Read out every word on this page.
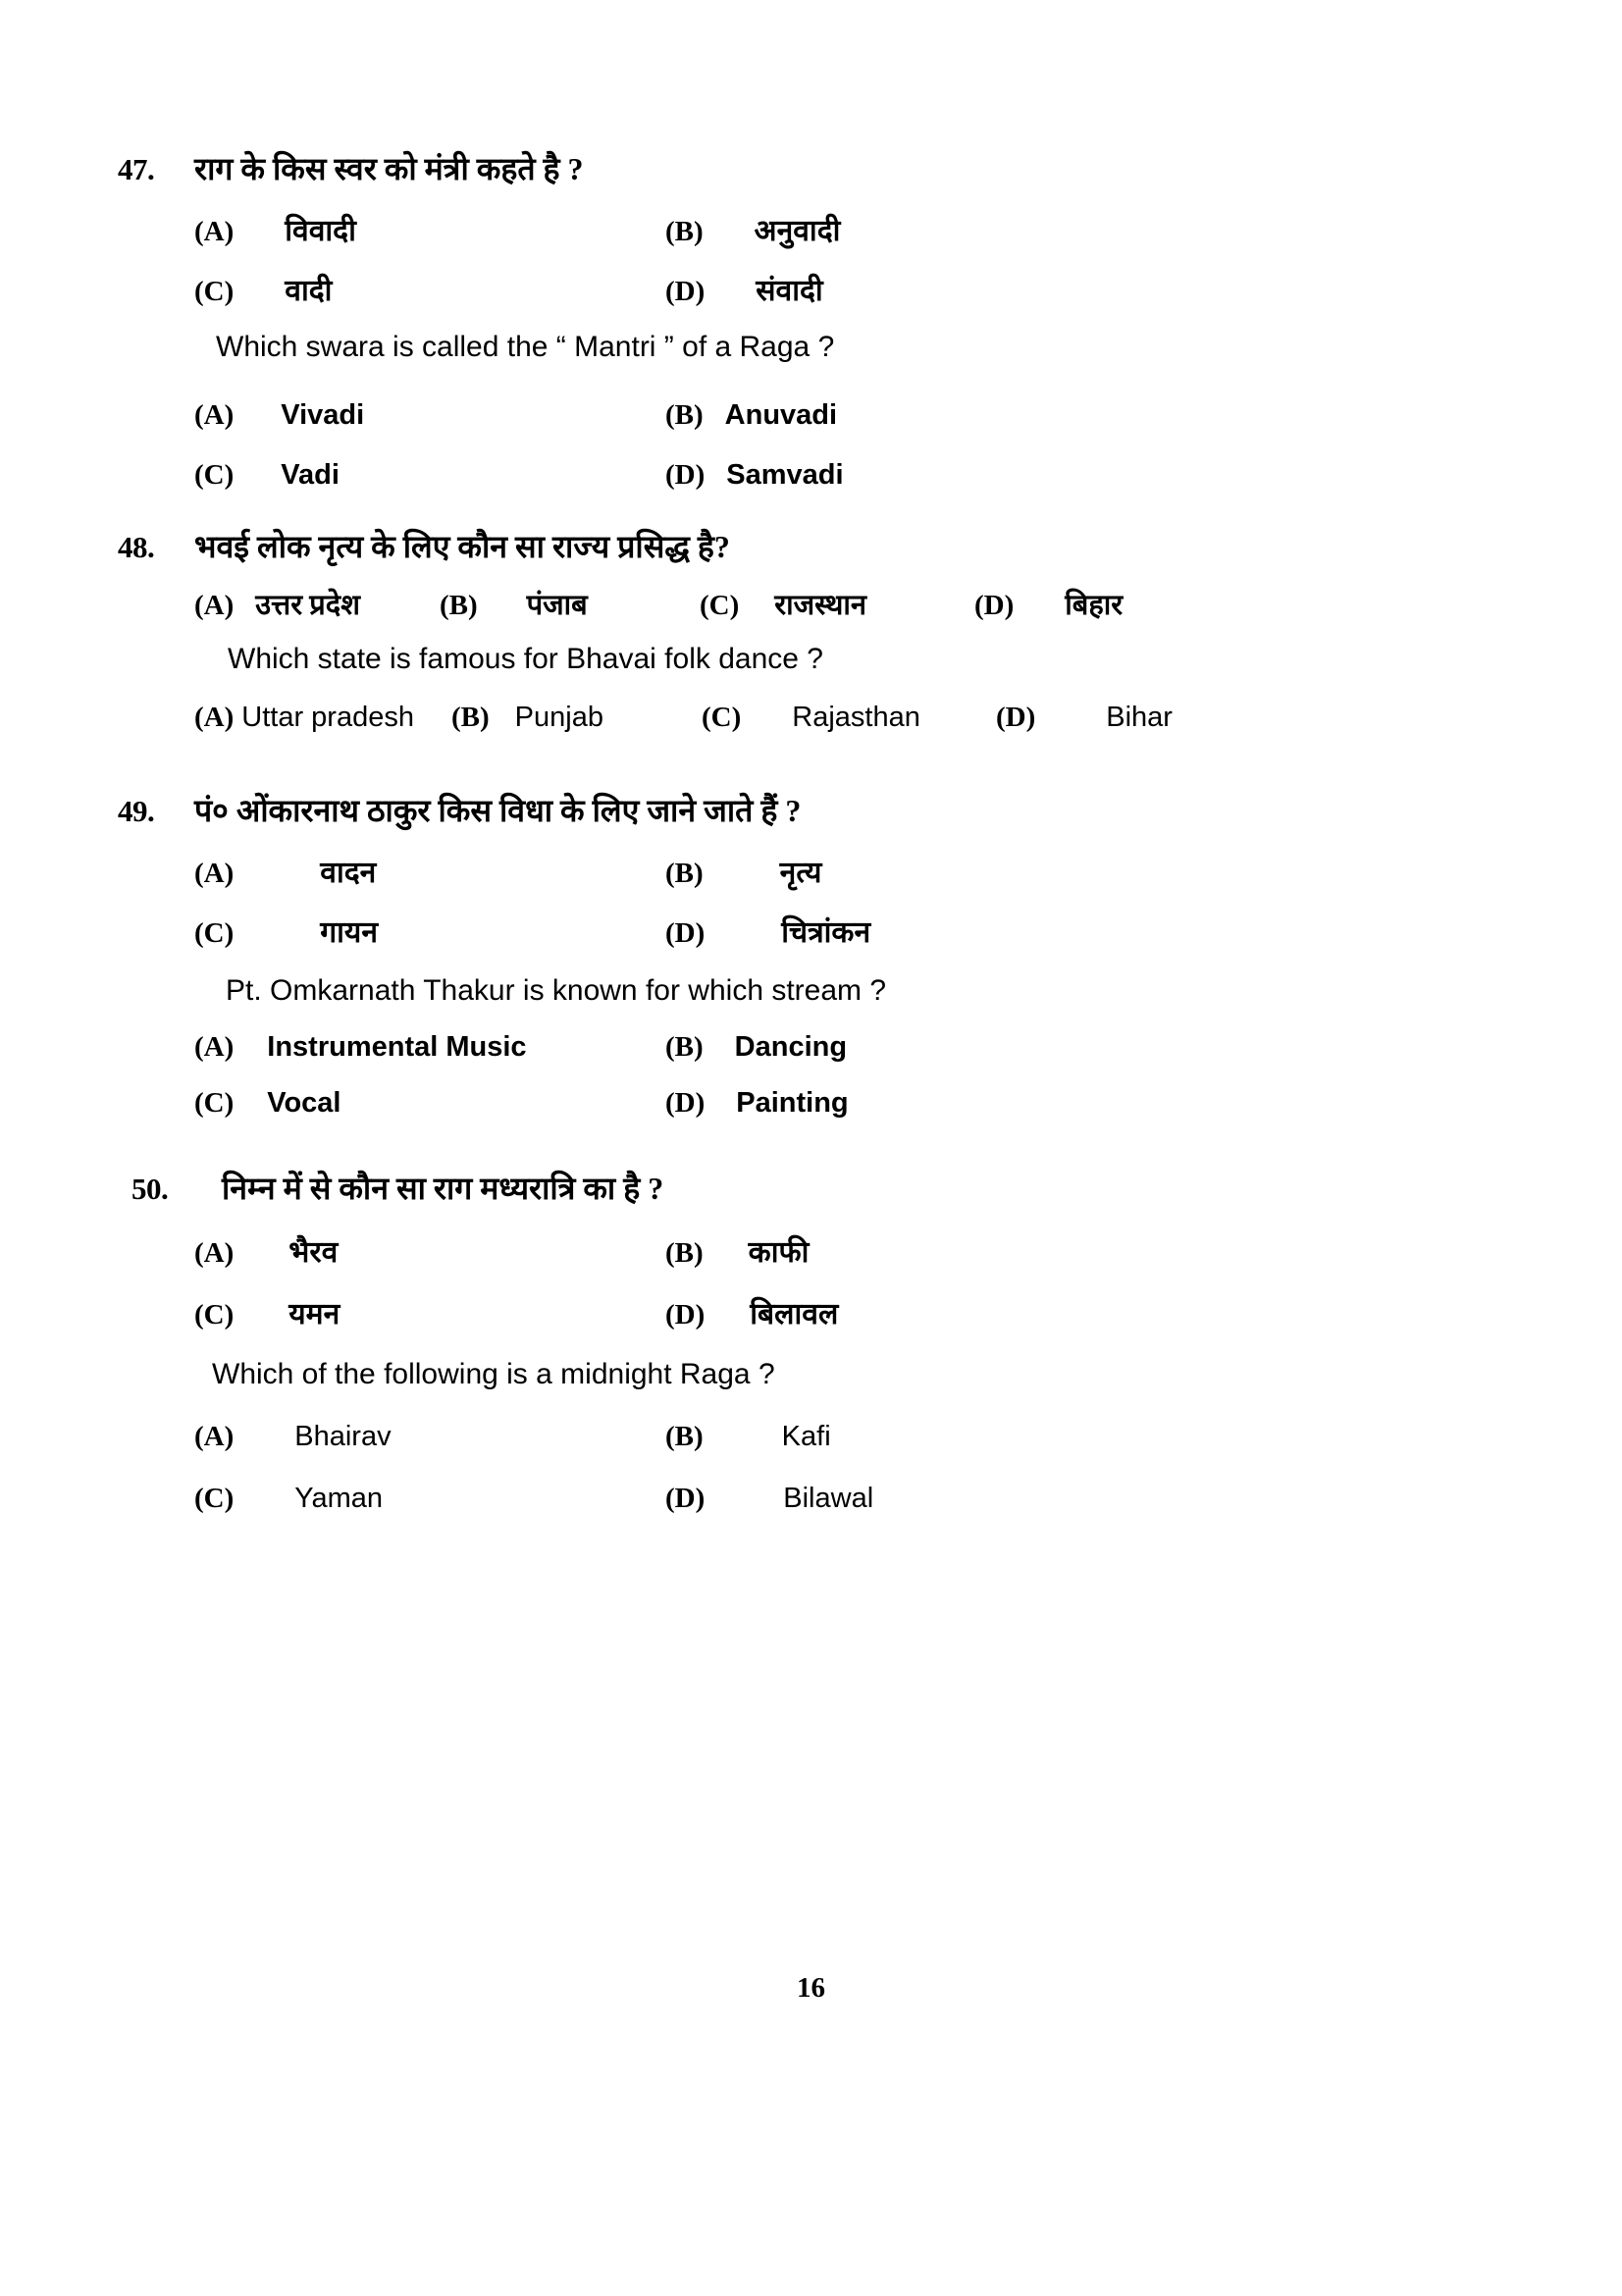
47.	राग के किस स्वर को मंत्री कहते है ?
(A)	विवादी	(B)	अनुवादी
(C)	वादी	(D)	संवादी
Which swara is called the “ Mantri ” of a Raga ?
(A)	Vivadi	(B) Anuvadi
(C)	Vadi	(D) Samvadi
48.	भवई लोक नृत्य के लिए कौन सा राज्य प्रसिद्ध है?
(A) उत्तर प्रदेश	(B)	पंजाब	(C)	राजस्थान	(D)	बिहार
Which state is famous for Bhavai folk dance ?
(A) Uttar pradesh (B) Punjab	(C)	Rajasthan	(D)	Bihar
49.	पं० ओंकारनाथ ठाकुर किस विधा के लिए जाने जाते हैं ?
(A)	वादन	(B)	नृत्य
(C)	गायन	(D)	चित्रांकन
Pt. Omkarnath Thakur is known for which stream ?
(A)	Instrumental Music	(B)	Dancing
(C)	Vocal	(D)	Painting
50.	निम्न में से कौन सा राग मध्यरात्रि का है ?
(A)	भैरव	(B)	काफी
(C)	यमन	(D)	बिलावल
Which of the following is a midnight Raga ?
(A)	Bhairav	(B)	Kafi
(C)	Yaman	(D)	Bilawal
16
